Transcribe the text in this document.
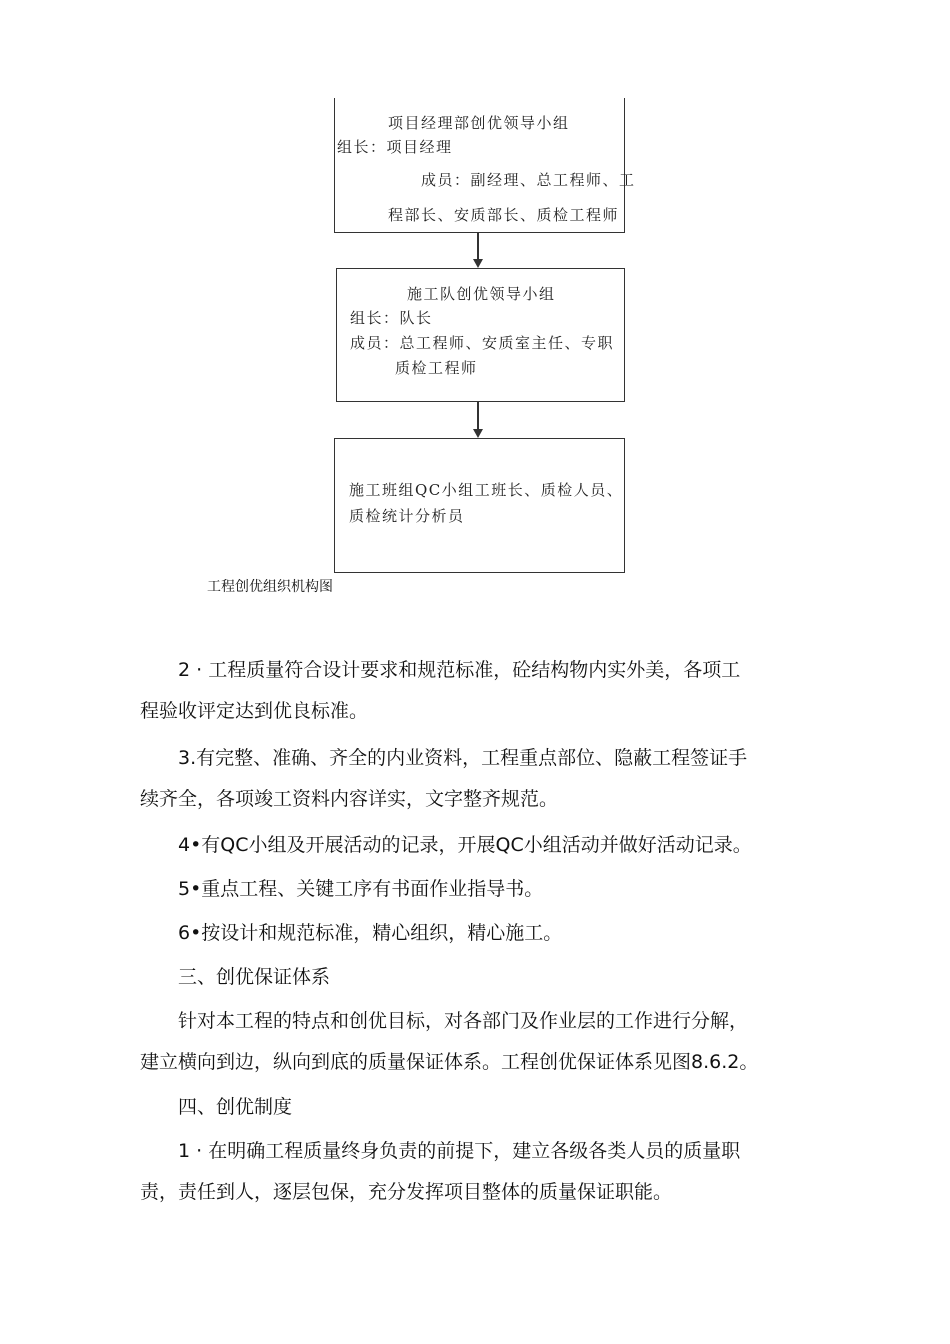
项目经理部创优领导小组
组长：项目经理
成员：副经理、总工程师、工
程部长、安质部长、质检工程师
施工队创优领导小组
组长：队长
成员：总工程师、安质室主任、专职
质检工程师
施工班组QC小组工班长、质检人员、
质检统计分析员
工程创优组织机构图
2 · 工程质量符合设计要求和规范标准，砼结构物内实外美，各项工
程验收评定达到优良标准。
3.有完整、准确、齐全的内业资料，工程重点部位、隐蔽工程签证手
续齐全，各项竣工资料内容详实，文字整齐规范。
4•有QC小组及开展活动的记录，开展QC小组活动并做好活动记录。
5•重点工程、关键工序有书面作业指导书。
6•按设计和规范标准，精心组织，精心施工。
三、创优保证体系
针对本工程的特点和创优目标，对各部门及作业层的工作进行分解，
建立横向到边，纵向到底的质量保证体系。工程创优保证体系见图8.6.2。
四、创优制度
1 · 在明确工程质量终身负责的前提下，建立各级各类人员的质量职
责，责任到人，逐层包保，充分发挥项目整体的质量保证职能。
